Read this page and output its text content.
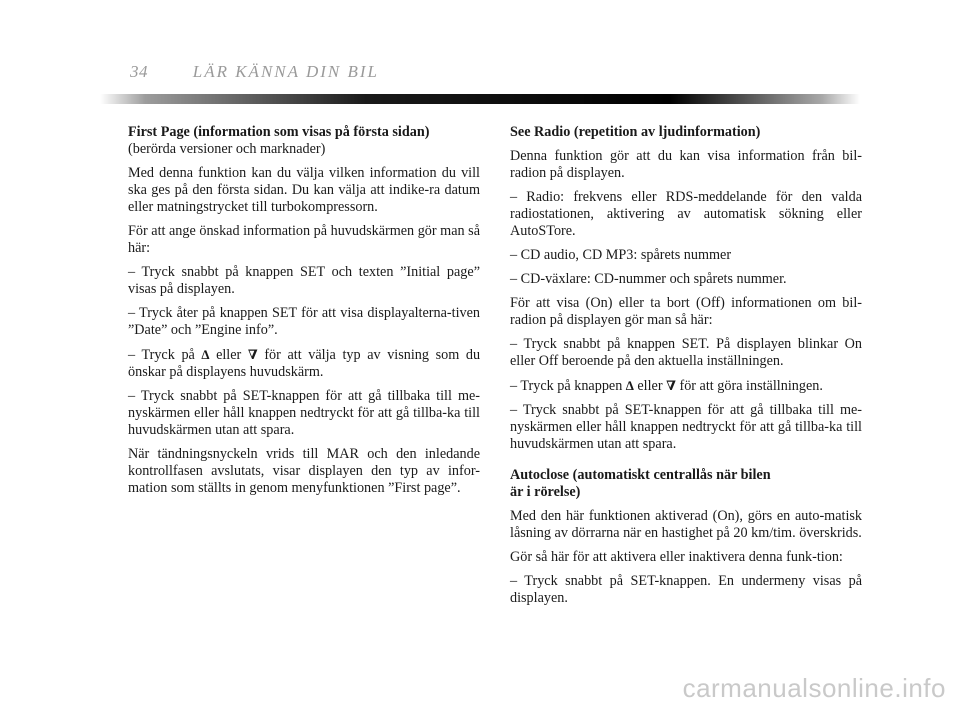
34	LÄR KÄNNA DIN BIL

First Page (information som visas på första sidan)

(berörda versioner och marknader)

Med denna funktion kan du välja vilken information du vill ska ges på den första sidan. Du kan välja att indike-ra datum eller matningstrycket till turbokompressorn.

För att ange önskad information på huvudskärmen gör man så här:

– Tryck snabbt på knappen SET och texten ”Initial page” visas på displayen.

– Tryck åter på knappen SET för att visa displayalterna-tiven ”Date” och ”Engine info”.

– Tryck på ∆ eller ∇ för att välja typ av visning som du önskar på displayens huvudskärm.

– Tryck snabbt på SET-knappen för att gå tillbaka till me-nyskärmen eller håll knappen nedtryckt för att gå tillba-ka till huvudskärmen utan att spara.

När tändningsnyckeln vrids till MAR och den inledande kontrollfasen avslutats, visar displayen den typ av infor-mation som ställts in genom menyfunktionen ”First page”.

See Radio (repetition av ljudinformation)

Denna funktion gör att du kan visa information från bil-radion på displayen.

– Radio: frekvens eller RDS-meddelande för den valda radiostationen, aktivering av automatisk sökning eller AutoSTore.

– CD audio, CD MP3: spårets nummer

– CD-växlare: CD-nummer och spårets nummer.

För att visa (On) eller ta bort (Off) informationen om bil-radion på displayen gör man så här:

– Tryck snabbt på knappen SET. På displayen blinkar On eller Off beroende på den aktuella inställningen.

– Tryck på knappen ∆ eller ∇ för att göra inställningen.

– Tryck snabbt på SET-knappen för att gå tillbaka till me-nyskärmen eller håll knappen nedtryckt för att gå tillba-ka till huvudskärmen utan att spara.

Autoclose (automatiskt centrallås när bilen
är i rörelse)

Med den här funktionen aktiverad (On), görs en auto-matisk låsning av dörrarna när en hastighet på 20 km/tim. överskrids.

Gör så här för att aktivera eller inaktivera denna funk-tion:

– Tryck snabbt på SET-knappen. En undermeny visas på displayen.

carmanualsonline.info
